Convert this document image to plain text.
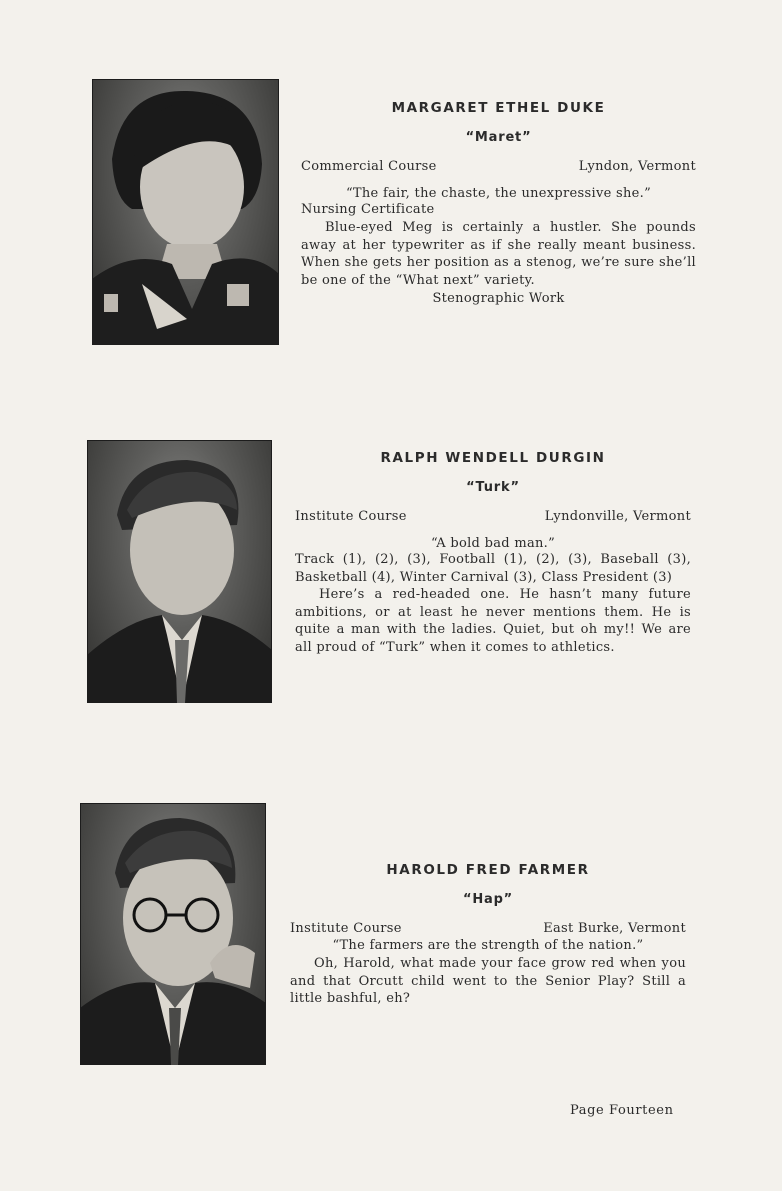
MARGARET ETHEL DUKE
“Maret”
Commercial Course	Lyndon, Vermont
“The fair, the chaste, the unexpressive she.”
Nursing Certificate
Blue-eyed Meg is certainly a hustler. She pounds away at her typewriter as if she really meant business. When she gets her position as a stenog, we’re sure she’ll be one of the “What next” variety.
Stenographic Work
RALPH WENDELL DURGIN
“Turk”
Institute Course	Lyndonville, Vermont
“A bold bad man.”
Track (1), (2), (3), Football (1), (2), (3), Baseball (3), Basketball (4), Winter Carnival (3), Class President (3)
Here’s a red-headed one. He hasn’t many future ambitions, or at least he never mentions them. He is quite a man with the ladies. Quiet, but oh my!! We are all proud of “Turk” when it comes to athletics.
HAROLD FRED FARMER
“Hap”
Institute Course	East Burke, Vermont
“The farmers are the strength of the nation.”
Oh, Harold, what made your face grow red when you and that Orcutt child went to the Senior Play? Still a little bashful, eh?
Page Fourteen
